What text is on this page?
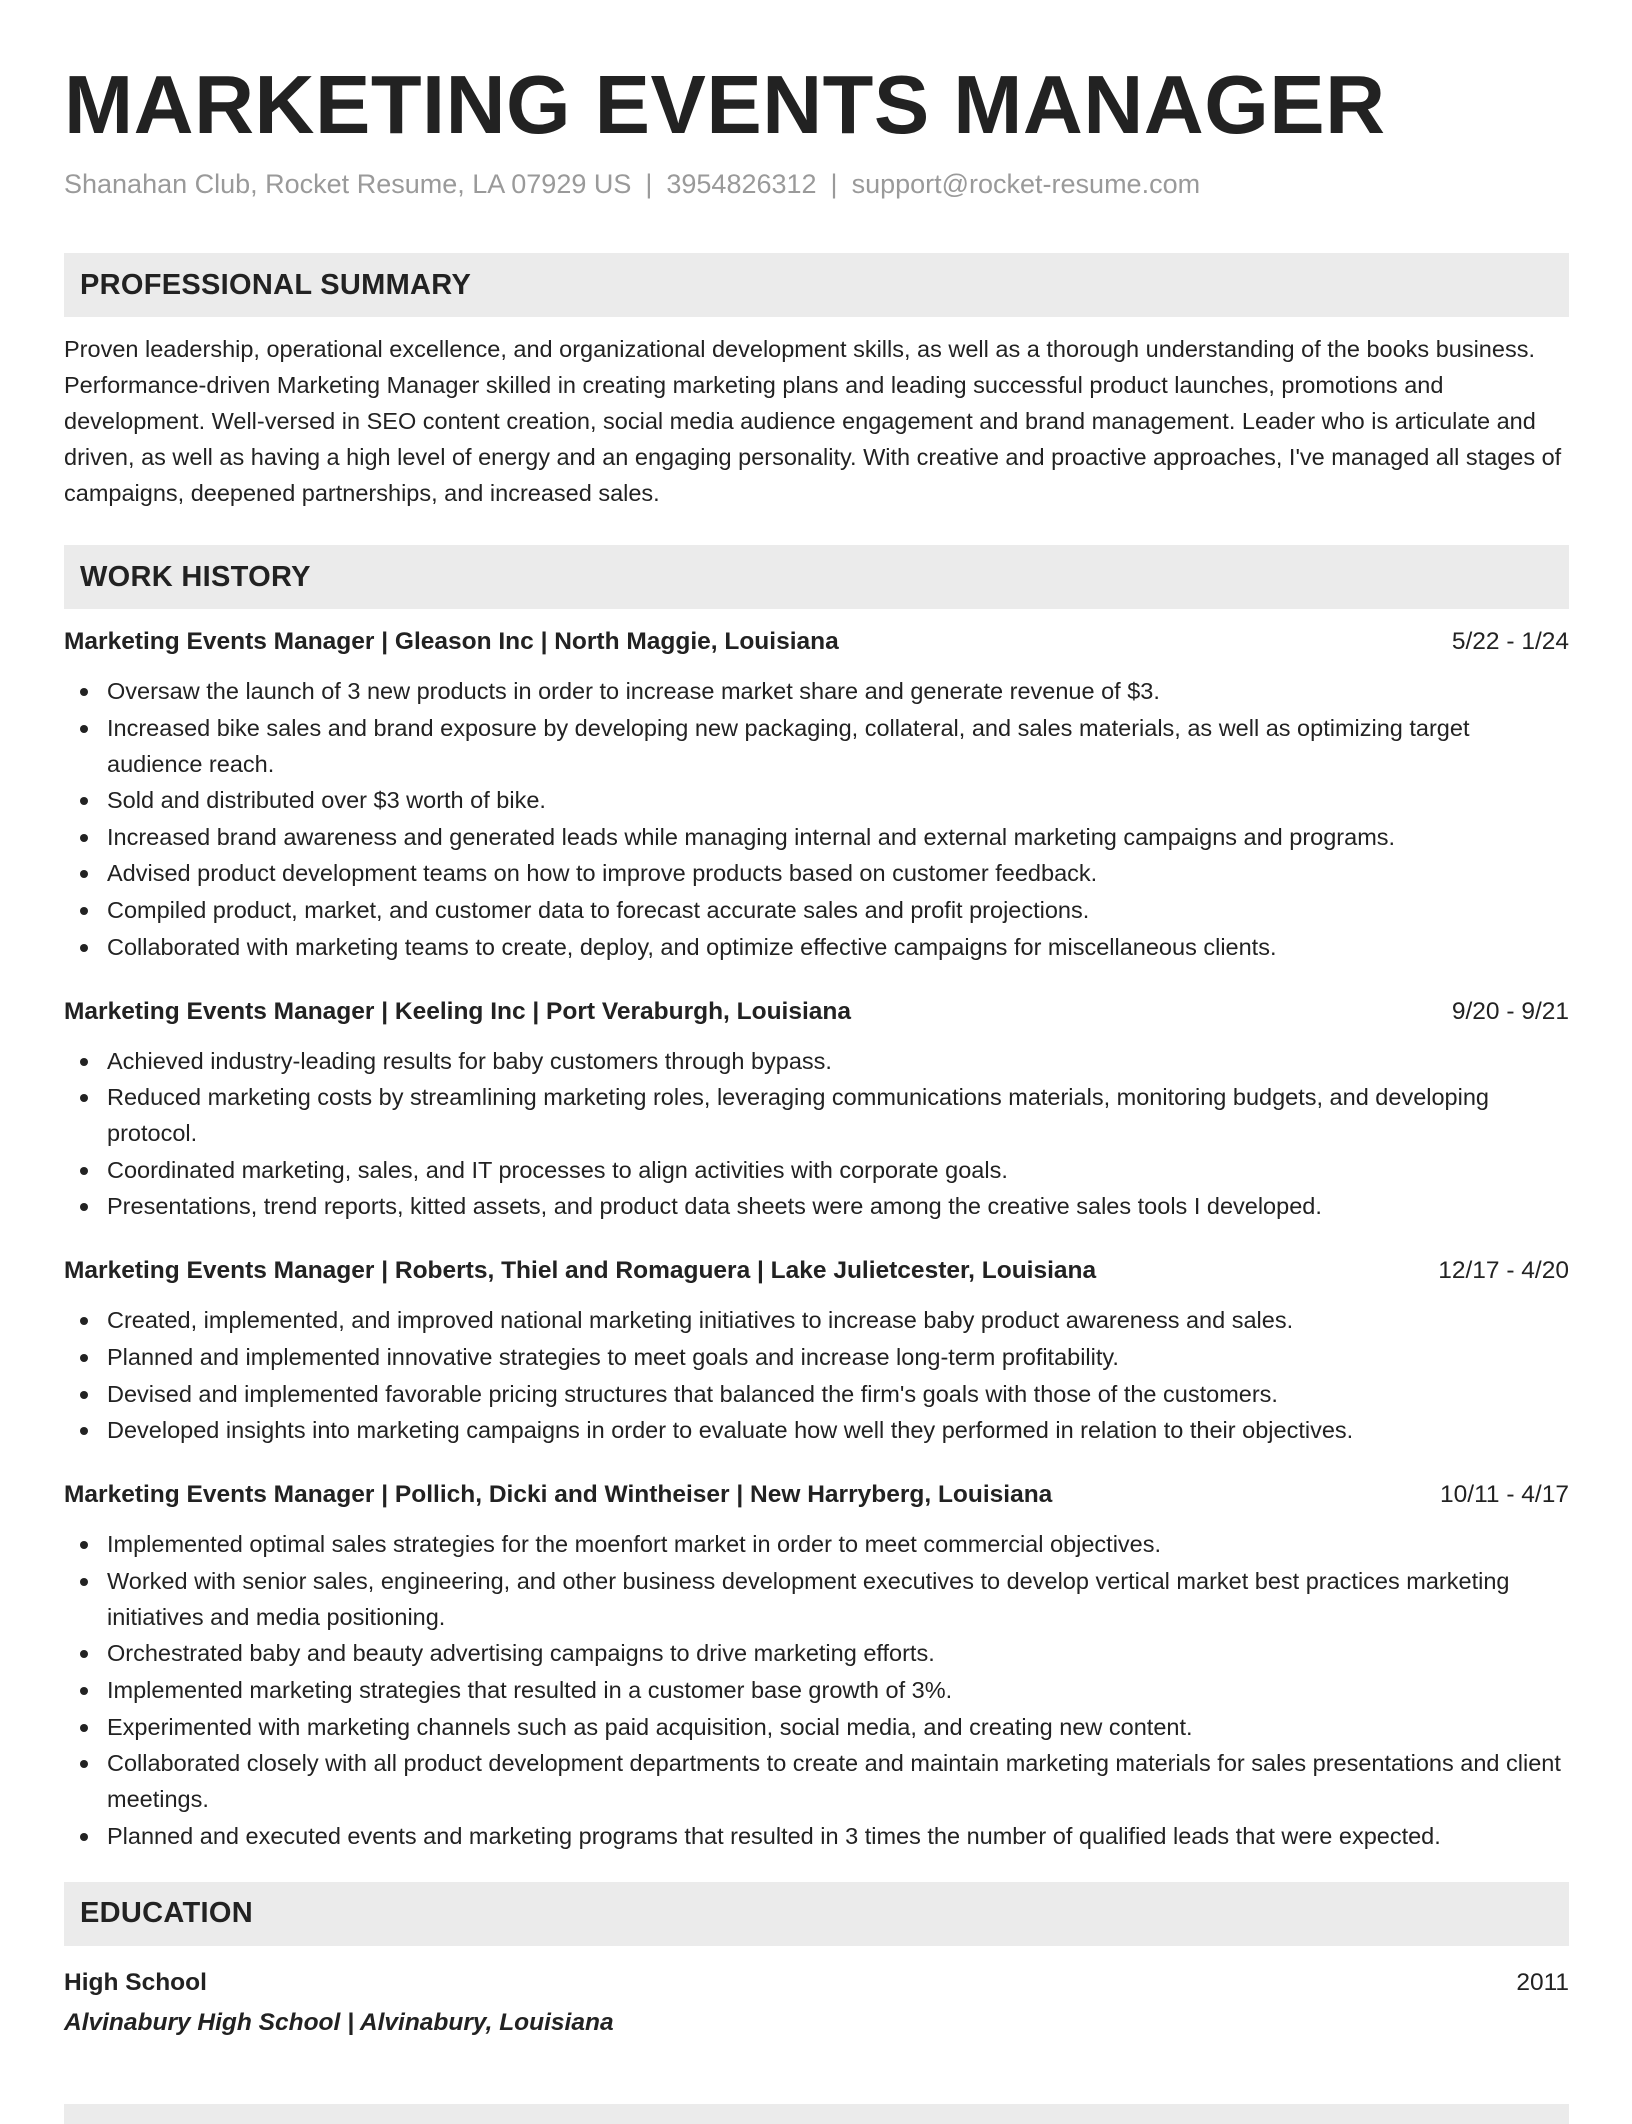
MARKETING EVENTS MANAGER
Shanahan Club, Rocket Resume, LA 07929 US | 3954826312 | support@rocket-resume.com
PROFESSIONAL SUMMARY
Proven leadership, operational excellence, and organizational development skills, as well as a thorough understanding of the books business. Performance-driven Marketing Manager skilled in creating marketing plans and leading successful product launches, promotions and development. Well-versed in SEO content creation, social media audience engagement and brand management. Leader who is articulate and driven, as well as having a high level of energy and an engaging personality. With creative and proactive approaches, I've managed all stages of campaigns, deepened partnerships, and increased sales.
WORK HISTORY
Marketing Events Manager | Gleason Inc | North Maggie, Louisiana	5/22 - 1/24
Oversaw the launch of 3 new products in order to increase market share and generate revenue of $3.
Increased bike sales and brand exposure by developing new packaging, collateral, and sales materials, as well as optimizing target audience reach.
Sold and distributed over $3 worth of bike.
Increased brand awareness and generated leads while managing internal and external marketing campaigns and programs.
Advised product development teams on how to improve products based on customer feedback.
Compiled product, market, and customer data to forecast accurate sales and profit projections.
Collaborated with marketing teams to create, deploy, and optimize effective campaigns for miscellaneous clients.
Marketing Events Manager | Keeling Inc | Port Veraburgh, Louisiana	9/20 - 9/21
Achieved industry-leading results for baby customers through bypass.
Reduced marketing costs by streamlining marketing roles, leveraging communications materials, monitoring budgets, and developing protocol.
Coordinated marketing, sales, and IT processes to align activities with corporate goals.
Presentations, trend reports, kitted assets, and product data sheets were among the creative sales tools I developed.
Marketing Events Manager | Roberts, Thiel and Romaguera | Lake Julietcester, Louisiana	12/17 - 4/20
Created, implemented, and improved national marketing initiatives to increase baby product awareness and sales.
Planned and implemented innovative strategies to meet goals and increase long-term profitability.
Devised and implemented favorable pricing structures that balanced the firm's goals with those of the customers.
Developed insights into marketing campaigns in order to evaluate how well they performed in relation to their objectives.
Marketing Events Manager | Pollich, Dicki and Wintheiser | New Harryberg, Louisiana	10/11 - 4/17
Implemented optimal sales strategies for the moenfort market in order to meet commercial objectives.
Worked with senior sales, engineering, and other business development executives to develop vertical market best practices marketing initiatives and media positioning.
Orchestrated baby and beauty advertising campaigns to drive marketing efforts.
Implemented marketing strategies that resulted in a customer base growth of 3%.
Experimented with marketing channels such as paid acquisition, social media, and creating new content.
Collaborated closely with all product development departments to create and maintain marketing materials for sales presentations and client meetings.
Planned and executed events and marketing programs that resulted in 3 times the number of qualified leads that were expected.
EDUCATION
High School	2011
Alvinabury High School | Alvinabury, Louisiana
